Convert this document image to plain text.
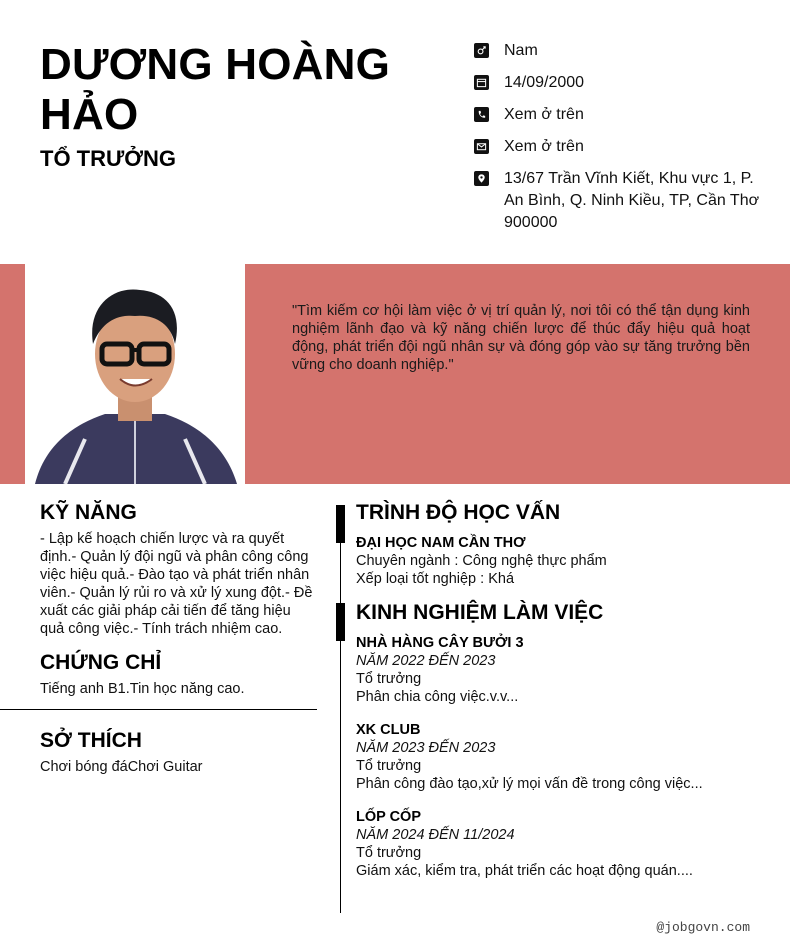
DƯƠNG HOÀNG HẢO
TỔ TRƯỞNG
Nam
14/09/2000
Xem ở trên
Xem ở trên
13/67 Trần Vĩnh Kiết, Khu vực 1, P. An Bình, Q. Ninh Kiều, TP, Cần Thơ 900000
"Tìm kiếm cơ hội làm việc ở vị trí quản lý, nơi tôi có thể tận dụng kinh nghiệm lãnh đạo và kỹ năng chiến lược để thúc đẩy hiệu quả hoạt động, phát triển đội ngũ nhân sự và đóng góp vào sự tăng trưởng bền vững cho doanh nghiệp."
KỸ NĂNG
- Lập kế hoạch chiến lược và ra quyết định.- Quản lý đội ngũ và phân công công việc hiệu quả.- Đào tạo và phát triển nhân viên.- Quản lý rủi ro và xử lý xung đột.- Đề xuất các giải pháp cải tiến để tăng hiệu quả công việc.- Tính trách nhiệm cao.
CHỨNG CHỈ
Tiếng anh B1.Tin học năng cao.
SỞ THÍCH
Chơi bóng đáChơi Guitar
TRÌNH ĐỘ HỌC VẤN
ĐẠI HỌC NAM CẦN THƠ
Chuyên ngành : Công nghệ thực phẩm
Xếp loại tốt nghiệp : Khá
KINH NGHIỆM LÀM VIỆC
NHÀ HÀNG CÂY BƯỞI 3
NĂM 2022 ĐẾN 2023
Tổ trưởng
Phân chia công việc.v.v...
XK CLUB
NĂM 2023 ĐẾN 2023
Tổ trưởng
Phân công đào tạo,xử lý mọi vấn đề trong công việc...
LỐP CỐP
NĂM 2024 ĐẾN 11/2024
Tổ trưởng
Giám xác, kiểm tra, phát triển các hoạt động quán....
@jobgovn.com
